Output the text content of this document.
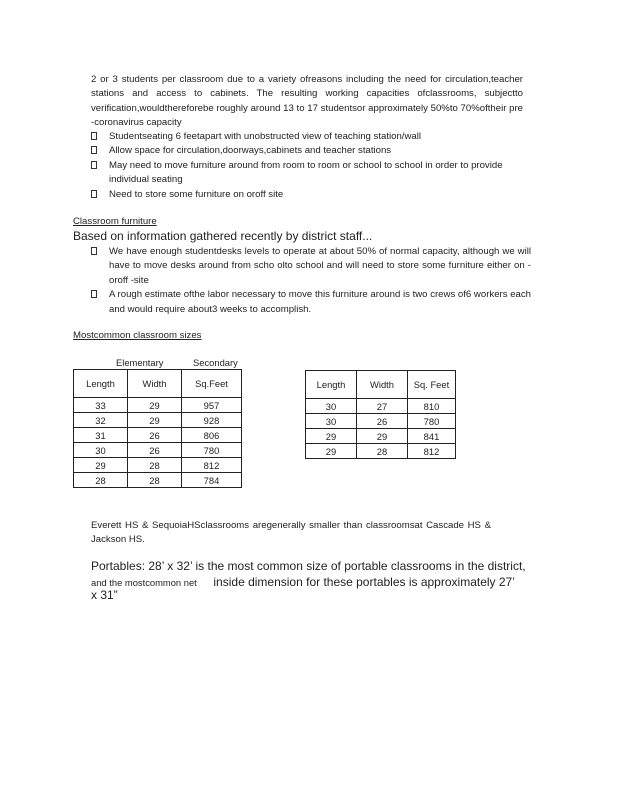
2 or 3 students per classroom due to a variety ofreasons including the need for circulation,teacher stations and access to cabinets. The resulting working capacities ofclassrooms, subjectto verification,wouldthereforebe roughly around 13 to 17 studentsor approximately 50%to 70%oftheir pre -coronavirus capacity
Studentseating 6 feetapart with unobstructed view of teaching station/wall
Allow space for circulation,doorways,cabinets and teacher stations
May need to move furniture around from room to room or school to school in order to provide individual seating
Need to store some furniture on oroff site
Classroom furniture
Based on information gathered recently by district staff...
We have enough studentdesks levels to operate at about 50% of normal capacity, although we will have to move desks around from scho olto school and will need to store some furniture either on - oroff -site
A rough estimate ofthe labor necessary to move this furniture around is two crews of6 workers each and would require about3 weeks to accomplish.
Mostcommon classroom sizes
Elementary	Secondary
Length	Width	Sq.Feet
33	29	957
32	29	928
31	26	806
30	26	780
29	28	812
28	28	784
Length	Width	Sq. Feet
30	27	810
30	26	780
29	29	841
29	28	812
Everett HS & SequoiaHSclassrooms aregenerally smaller than classroomsat Cascade HS & Jackson HS.
Portables: 28’ x 32’ is the most common size of portable classrooms in the district,
and the mostcommon net inside dimension for these portables is approximately 27’
x 31”
